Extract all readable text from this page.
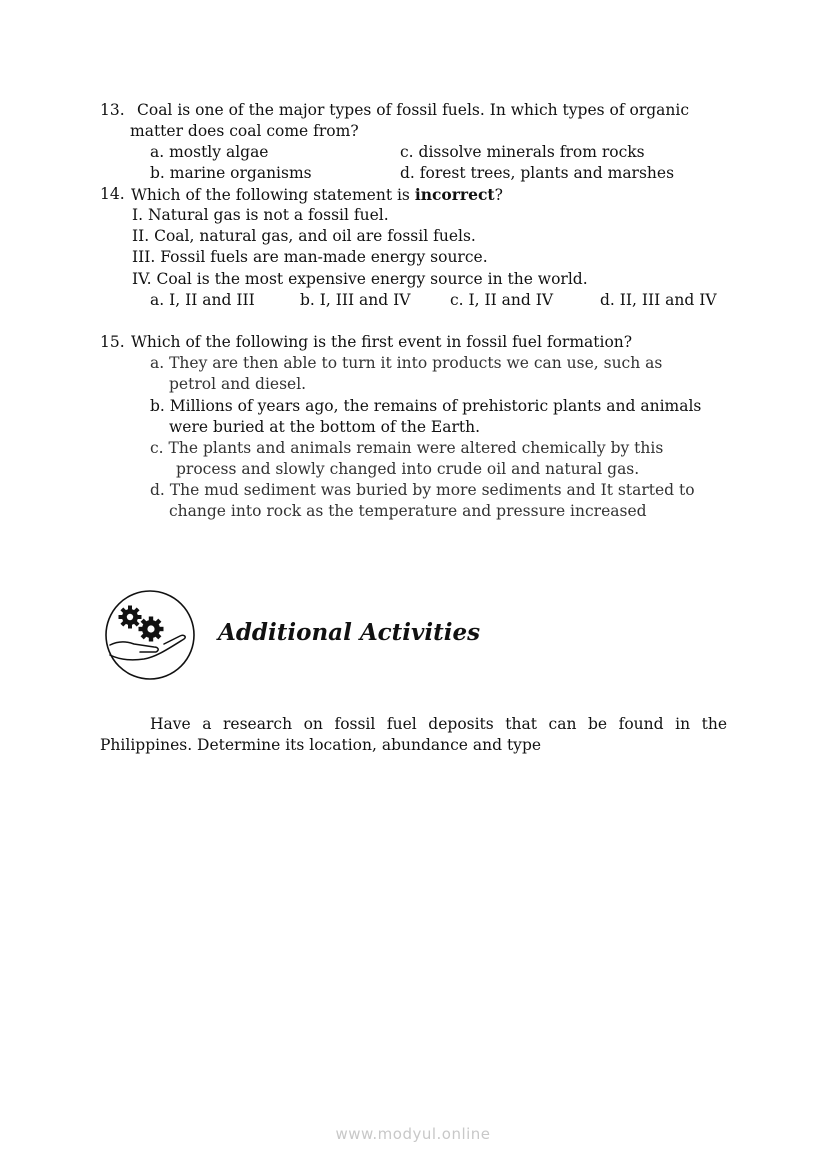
13. Coal is one of the major types of fossil fuels. In which types of organic
matter does coal come from?
a. mostly algae	c. dissolve minerals from rocks
b. marine organisms	d. forest trees, plants and marshes
14. Which of the following statement is incorrect?
I. Natural gas is not a fossil fuel.
II. Coal, natural gas, and oil are fossil fuels.
III. Fossil fuels are man-made energy source.
IV. Coal is the most expensive energy source in the world.
a. I, II and III	b. I, III and IV	c. I, II and IV	d. II, III and IV
15. Which of the following is the first event in fossil fuel formation?
a. They are then able to turn it into products we can use, such as
petrol and diesel.
b. Millions of years ago, the remains of prehistoric plants and animals
were buried at the bottom of the Earth.
c. The plants and animals remain were altered chemically by this
process and slowly changed into crude oil and natural gas.
d. The mud sediment was buried by more sediments and It started to
change into rock as the temperature and pressure increased
Additional Activities
Have a research on fossil fuel deposits that can be found in the Philippines. Determine its location, abundance and type
www.modyul.online
